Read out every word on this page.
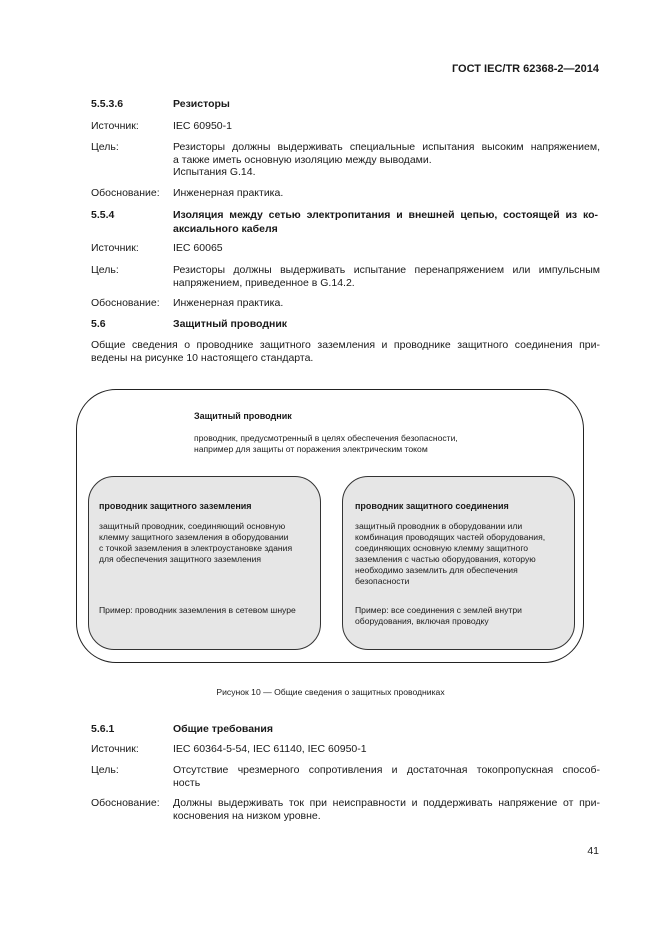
ГОСТ IEC/TR 62368-2—2014
5.5.3.6	Резисторы
Источник:	IEC 60950-1
Цель:	Резисторы должны выдерживать специальные испытания высоким напряжением,
а также иметь основную изоляцию между выводами.
Испытания G.14.
Обоснование: Инженерная практика.
5.5.4	Изоляция между сетью электропитания и внешней цепью, состоящей из ко-
аксиального кабеля
Источник:	IEC 60065
Цель:	Резисторы должны выдерживать испытание перенапряжением или импульсным
напряжением, приведенное в G.14.2.
Обоснование: Инженерная практика.
5.6	Защитный проводник
Общие сведения о проводнике защитного заземления и проводнике защитного соединения при-
ведены на рисунке 10 настоящего стандарта.
Защитный проводник
проводник, предусмотренный в целях обеспечения безопасности,
например для защиты от поражения электрическим током
проводник защитного заземления
защитный проводник, соединяющий основную
клемму защитного заземления в оборудовании
с точкой заземления в электроустановке здания
для обеспечения защитного заземления
Пример: проводник заземления в сетевом шнуре
проводник защитного соединения
защитный проводник в оборудовании или
комбинация проводящих частей оборудования,
соединяющих основную клемму защитного
заземления с частью оборудования, которую
необходимо заземлить для обеспечения
безопасности
Пример: все соединения с землей внутри
оборудования, включая проводку
Рисунок 10 — Общие сведения о защитных проводниках
5.6.1	Общие требования
Источник:	IEC 60364-5-54, IEC 61140, IEC 60950-1
Цель:	Отсутствие чрезмерного сопротивления и достаточная токопропускная способ-
ность
Обоснование: Должны выдерживать ток при неисправности и поддерживать напряжение от при-
косновения на низком уровне.
41
